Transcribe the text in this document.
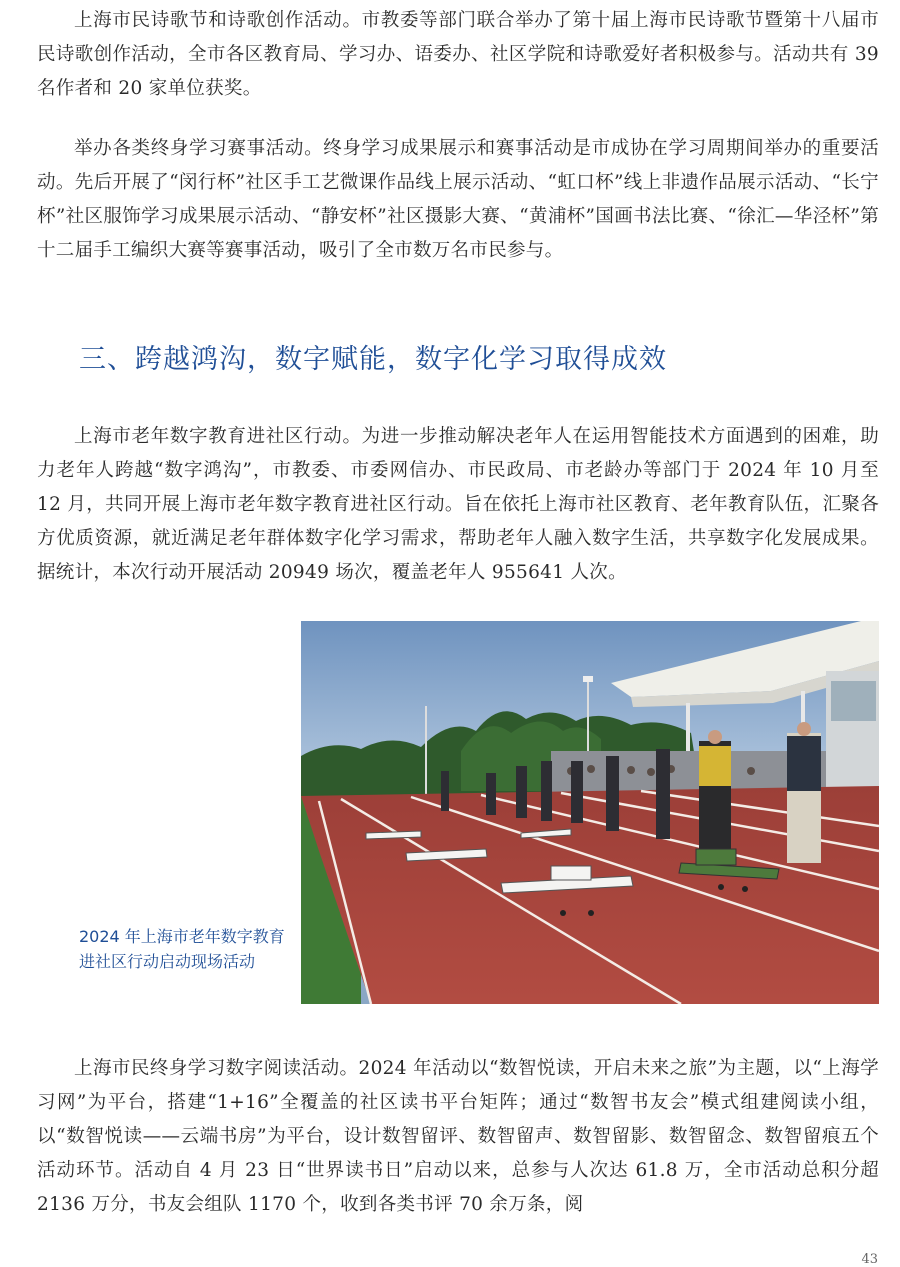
上海市民诗歌节和诗歌创作活动。市教委等部门联合举办了第十届上海市民诗歌节暨第十八届市民诗歌创作活动，全市各区教育局、学习办、语委办、社区学院和诗歌爱好者积极参与。活动共有 39 名作者和 20 家单位获奖。

举办各类终身学习赛事活动。终身学习成果展示和赛事活动是市成协在学习周期间举办的重要活动。先后开展了“闵行杯”社区手工艺微课作品线上展示活动、“虹口杯”线上非遗作品展示活动、“长宁杯”社区服饰学习成果展示活动、“静安杯”社区摄影大赛、“黄浦杯”国画书法比赛、“徐汇—华泾杯”第十二届手工编织大赛等赛事活动，吸引了全市数万名市民参与。

三、跨越鸿沟，数字赋能，数字化学习取得成效

上海市老年数字教育进社区行动。为进一步推动解决老年人在运用智能技术方面遇到的困难，助力老年人跨越“数字鸿沟”，市教委、市委网信办、市民政局、市老龄办等部门于 2024 年 10 月至 12 月，共同开展上海市老年数字教育进社区行动。旨在依托上海市社区教育、老年教育队伍，汇聚各方优质资源，就近满足老年群体数字化学习需求，帮助老年人融入数字生活，共享数字化发展成果。据统计，本次行动开展活动 20949 场次，覆盖老年人 955641 人次。

2024 年上海市老年数字教育进社区行动启动现场活动

上海市民终身学习数字阅读活动。2024 年活动以“数智悦读，开启未来之旅”为主题，以“上海学习网”为平台，搭建“1+16”全覆盖的社区读书平台矩阵；通过“数智书友会”模式组建阅读小组，以“数智悦读——云端书房”为平台，设计数智留评、数智留声、数智留影、数智留念、数智留痕五个活动环节。活动自 4 月 23 日“世界读书日”启动以来，总参与人次达 61.8 万，全市活动总积分超 2136 万分，书友会组队 1170 个，收到各类书评 70 余万条，阅

43
